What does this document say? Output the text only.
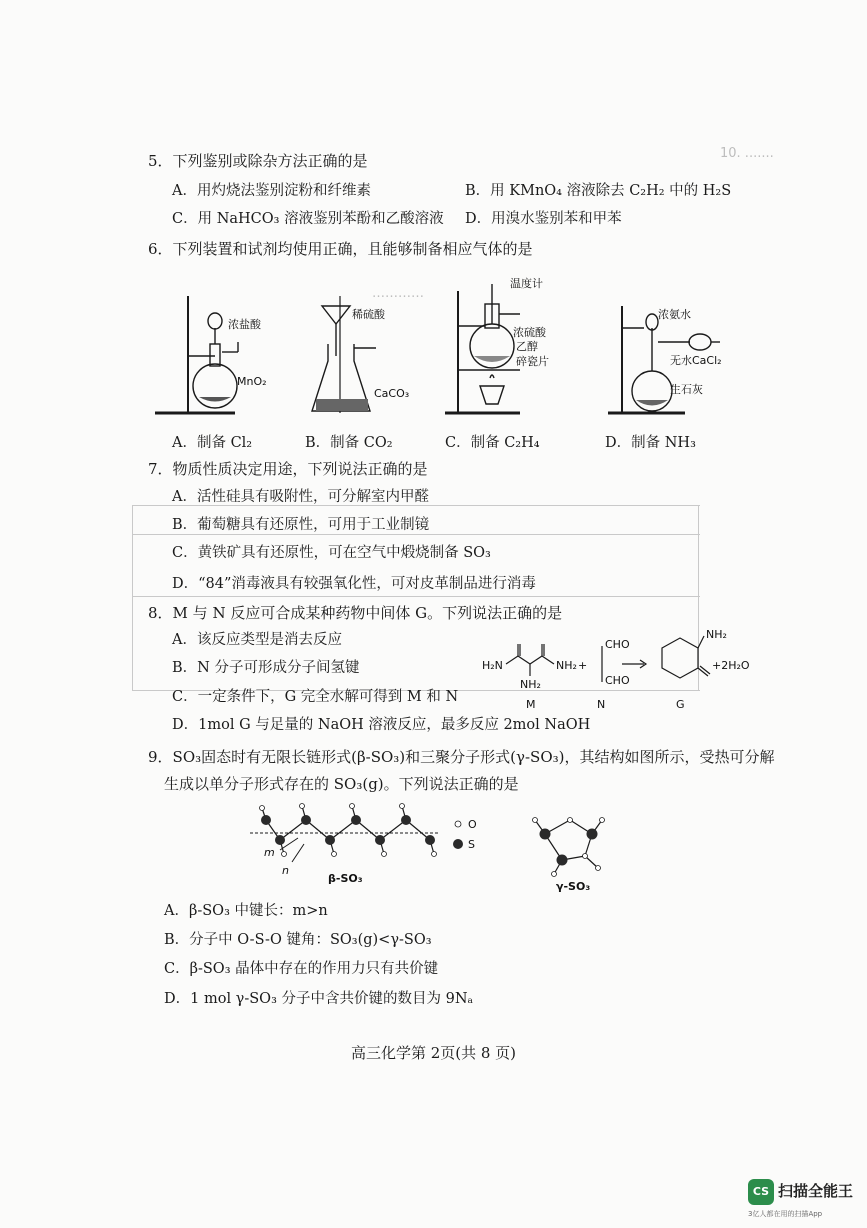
10. .......
…………
5．下列鉴别或除杂方法正确的是
A．用灼烧法鉴别淀粉和纤维素	B．用 KMnO₄ 溶液除去 C₂H₂ 中的 H₂S
C．用 NaHCO₃ 溶液鉴别苯酚和乙酸溶液 D．用溴水鉴别苯和甲苯
6．下列装置和试剂均使用正确，且能够制备相应气体的是
浓盐酸
MnO₂
稀硫酸
CaCO₃
温度计
浓硫酸
乙醇
碎瓷片
浓氨水
无水CaCl₂
生石灰
A．制备 Cl₂	B．制备 CO₂	C．制备 C₂H₄	D．制备 NH₃
7．物质性质决定用途，下列说法正确的是
A．活性硅具有吸附性，可分解室内甲醛
B．葡萄糖具有还原性，可用于工业制镜
C．黄铁矿具有还原性，可在空气中煅烧制备 SO₃
D．“84”消毒液具有较强氧化性，可对皮革制品进行消毒
8．M 与 N 反应可合成某种药物中间体 G。下列说法正确的是
A．该反应类型是消去反应
B．N 分子可形成分子间氢键
C．一定条件下，G 完全水解可得到 M 和 N
D．1mol G 与足量的 NaOH 溶液反应，最多反应 2mol NaOH
H₂N	NH₂
NH₂
+
CHO
CHO
NH₂
+2H₂O
M	N	G
9．SO₃固态时有无限长链形式(β-SO₃)和三聚分子形式(γ-SO₃)，其结构如图所示，受热可分解
生成以单分子形式存在的 SO₃(g)。下列说法正确的是
m
n
β-SO₃
O
S
γ-SO₃
A．β-SO₃ 中键长：m>n
B．分子中 O-S-O 键角：SO₃(g)<γ-SO₃
C．β-SO₃ 晶体中存在的作用力只有共价键
D．1 mol γ-SO₃ 分子中含共价键的数目为 9Nₐ
高三化学第 2页(共 8 页)
CS 扫描全能王
3亿人都在用的扫描App
